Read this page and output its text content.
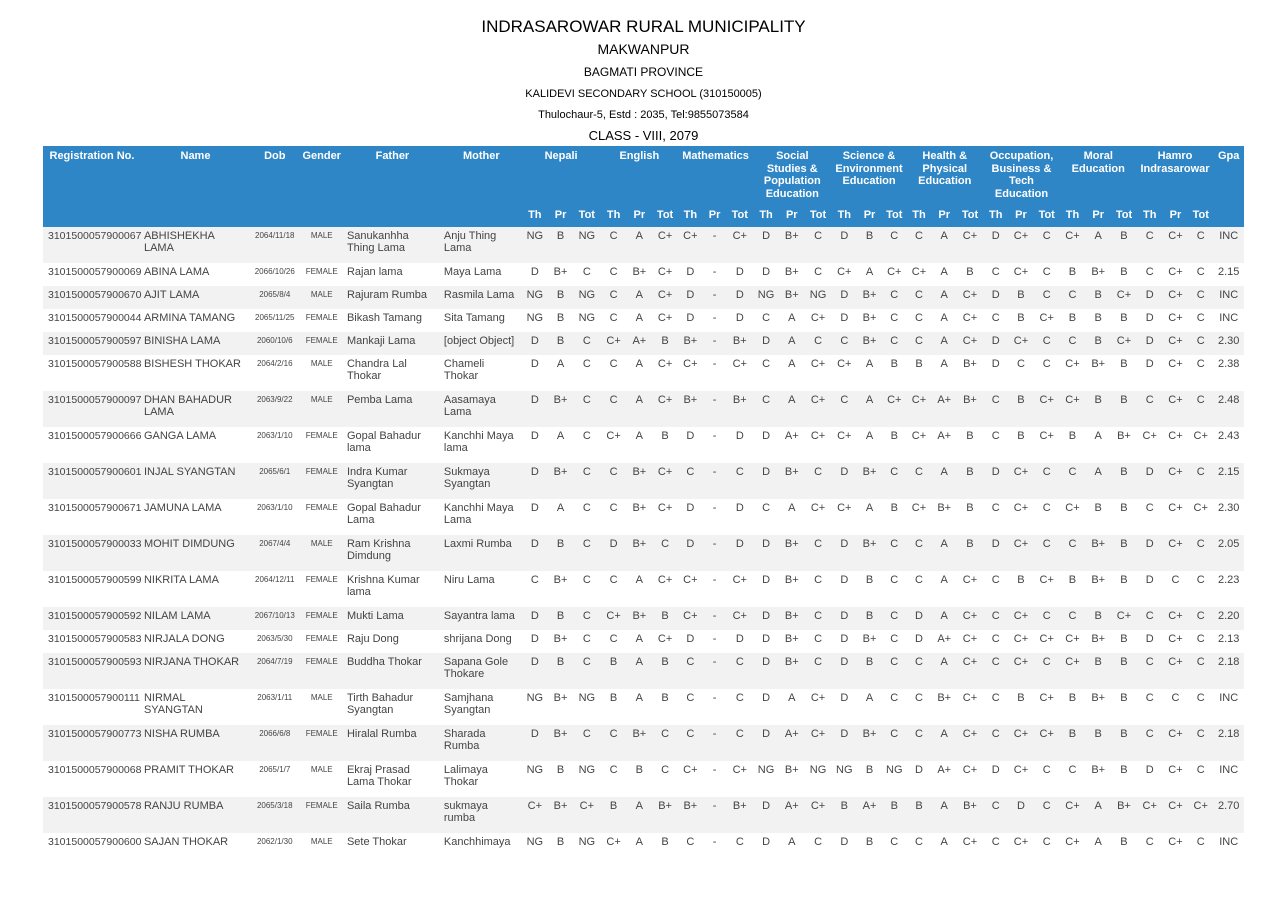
INDRASAROWAR RURAL MUNICIPALITY
MAKWANPUR
BAGMATI PROVINCE
KALIDEVI SECONDARY SCHOOL (310150005)
Thulochaur-5, Estd : 2035, Tel:9855073584
CLASS - VIII, 2079
Registration No.	Name	Dob	Gender	Father	Mother	Nepali			English			Mathematics			Social Studies & Population Education			Science & Environment Education			Health & Physical Education			Occupation, Business & Tech Education			Moral Education			Hamro Indrasarowar			Gpa
						Th	Pr	Tot	Th	Pr	Tot	Th	Pr	Tot	Th	Pr	Tot	Th	Pr	Tot	Th	Pr	Tot	Th	Pr	Tot	Th	Pr	Tot	Th	Pr	Tot	
3101500057900067	ABHISHEKHA LAMA	2064/11/18	MALE	Sanukanhha Thing Lama	Anju Thing Lama	NG	B	NG	C	A	C+	C+	-	C+	D	B+	C	D	B	C	C	A	C+	D	C+	C	C+	A	B	C	C+	C	INC
3101500057900069	ABINA LAMA	2066/10/26	FEMALE	Rajan lama	Maya Lama	D	B+	C	C	B+	C+	D	-	D	D	B+	C	C+	A	C+	C+	A	B	C	C+	C	B	B+	B	C	C+	C	2.15
3101500057900670	AJIT LAMA	2065/8/4	MALE	Rajuram Rumba	Rasmila Lama	NG	B	NG	C	A	C+	D	-	D	NG	B+	NG	D	B+	C	C	A	C+	D	B	C	C	B	C+	D	C+	C	INC
3101500057900044	ARMINA TAMANG	2065/11/25	FEMALE	Bikash Tamang	Sita Tamang	NG	B	NG	C	A	C+	D	-	D	C	A	C+	D	B+	C	C	A	C+	C	B	C+	B	B	B	D	C+	C	INC
3101500057900597	BINISHA LAMA	2060/10/6	FEMALE	Mankaji Lama	[object Object]	D	B	C	C+	A+	B	B+	-	B+	D	A	C	C	B+	C	C	A	C+	D	C+	C	C	B	C+	D	C+	C	2.30
3101500057900588	BISHESH THOKAR	2064/2/16	MALE	Chandra Lal Thokar	Chameli Thokar	D	A	C	C	A	C+	C+	-	C+	C	A	C+	C+	A	B	B	A	B+	D	C	C	C+	B+	B	D	C+	C	2.38
3101500057900097	DHAN BAHADUR LAMA	2063/9/22	MALE	Pemba Lama	Aasamaya Lama	D	B+	C	C	A	C+	B+	-	B+	C	A	C+	C	A	C+	C+	A+	B+	C	B	C+	C+	B	B	C	C+	C	2.48
3101500057900666	GANGA LAMA	2063/1/10	FEMALE	Gopal Bahadur lama	Kanchhi Maya lama	D	A	C	C+	A	B	D	-	D	D	A+	C+	C+	A	B	C+	A+	B	C	B	C+	B	A	B+	C+	C+	C+	2.43
3101500057900601	INJAL SYANGTAN	2065/6/1	FEMALE	Indra Kumar Syangtan	Sukmaya Syangtan	D	B+	C	C	B+	C+	C	-	C	D	B+	C	D	B+	C	C	A	B	D	C+	C	C	A	B	D	C+	C	2.15
3101500057900671	JAMUNA LAMA	2063/1/10	FEMALE	Gopal Bahadur Lama	Kanchhi Maya Lama	D	A	C	C	B+	C+	D	-	D	C	A	C+	C+	A	B	C+	B+	B	C	C+	C	C+	B	B	C	C+	C+	2.30
3101500057900033	MOHIT DIMDUNG	2067/4/4	MALE	Ram Krishna Dimdung	Laxmi Rumba	D	B	C	D	B+	C	D	-	D	D	B+	C	D	B+	C	C	A	B	D	C+	C	C	B+	B	D	C+	C	2.05
3101500057900599	NIKRITA LAMA	2064/12/11	FEMALE	Krishna Kumar lama	Niru Lama	C	B+	C	C	A	C+	C+	-	C+	D	B+	C	D	B	C	C	A	C+	C	B	C+	B	B+	B	D	C	C	2.23
3101500057900592	NILAM LAMA	2067/10/13	FEMALE	Mukti Lama	Sayantra lama	D	B	C	C+	B+	B	C+	-	C+	D	B+	C	D	B	C	D	A	C+	C	C+	C	C	B	C+	C	C+	C	2.20
3101500057900583	NIRJALA DONG	2063/5/30	FEMALE	Raju Dong	shrijana Dong	D	B+	C	C	A	C+	D	-	D	D	B+	C	D	B+	C	D	A+	C+	C	C+	C+	C+	B+	B	D	C+	C	2.13
3101500057900593	NIRJANA THOKAR	2064/7/19	FEMALE	Buddha Thokar	Sapana Gole Thokare	D	B	C	B	A	B	C	-	C	D	B+	C	D	B	C	C	A	C+	C	C+	C	C+	B	B	C	C+	C	2.18
3101500057900111	NIRMAL SYANGTAN	2063/1/11	MALE	Tirth Bahadur Syangtan	Samjhana Syangtan	NG	B+	NG	B	A	B	C	-	C	D	A	C+	D	A	C	C	B+	C+	C	B	C+	B	B+	B	C	C	C	INC
3101500057900773	NISHA RUMBA	2066/6/8	FEMALE	Hiralal Rumba	Sharada Rumba	D	B+	C	C	B+	C	C	-	C	D	A+	C+	D	B+	C	C	A	C+	C	C+	C+	B	B	B	C	C+	C	2.18
3101500057900068	PRAMIT THOKAR	2065/1/7	MALE	Ekraj Prasad Lama Thokar	Lalimaya Thokar	NG	B	NG	C	B	C	C+	-	C+	NG	B+	NG	NG	B	NG	D	A+	C+	D	C+	C	C	B+	B	D	C+	C	INC
3101500057900578	RANJU RUMBA	2065/3/18	FEMALE	Saila Rumba	sukmaya rumba	C+	B+	C+	B	A	B+	B+	-	B+	D	A+	C+	B	A+	B	B	A	B+	C	D	C	C+	A	B+	C+	C+	C+	2.70
3101500057900600	SAJAN THOKAR	2062/1/30	MALE	Sete Thokar	Kanchhimaya	NG	B	NG	C+	A	B	C	-	C	D	A	C	D	B	C	C	A	C+	C	C+	C	C+	A	B	C	C+	C	INC
